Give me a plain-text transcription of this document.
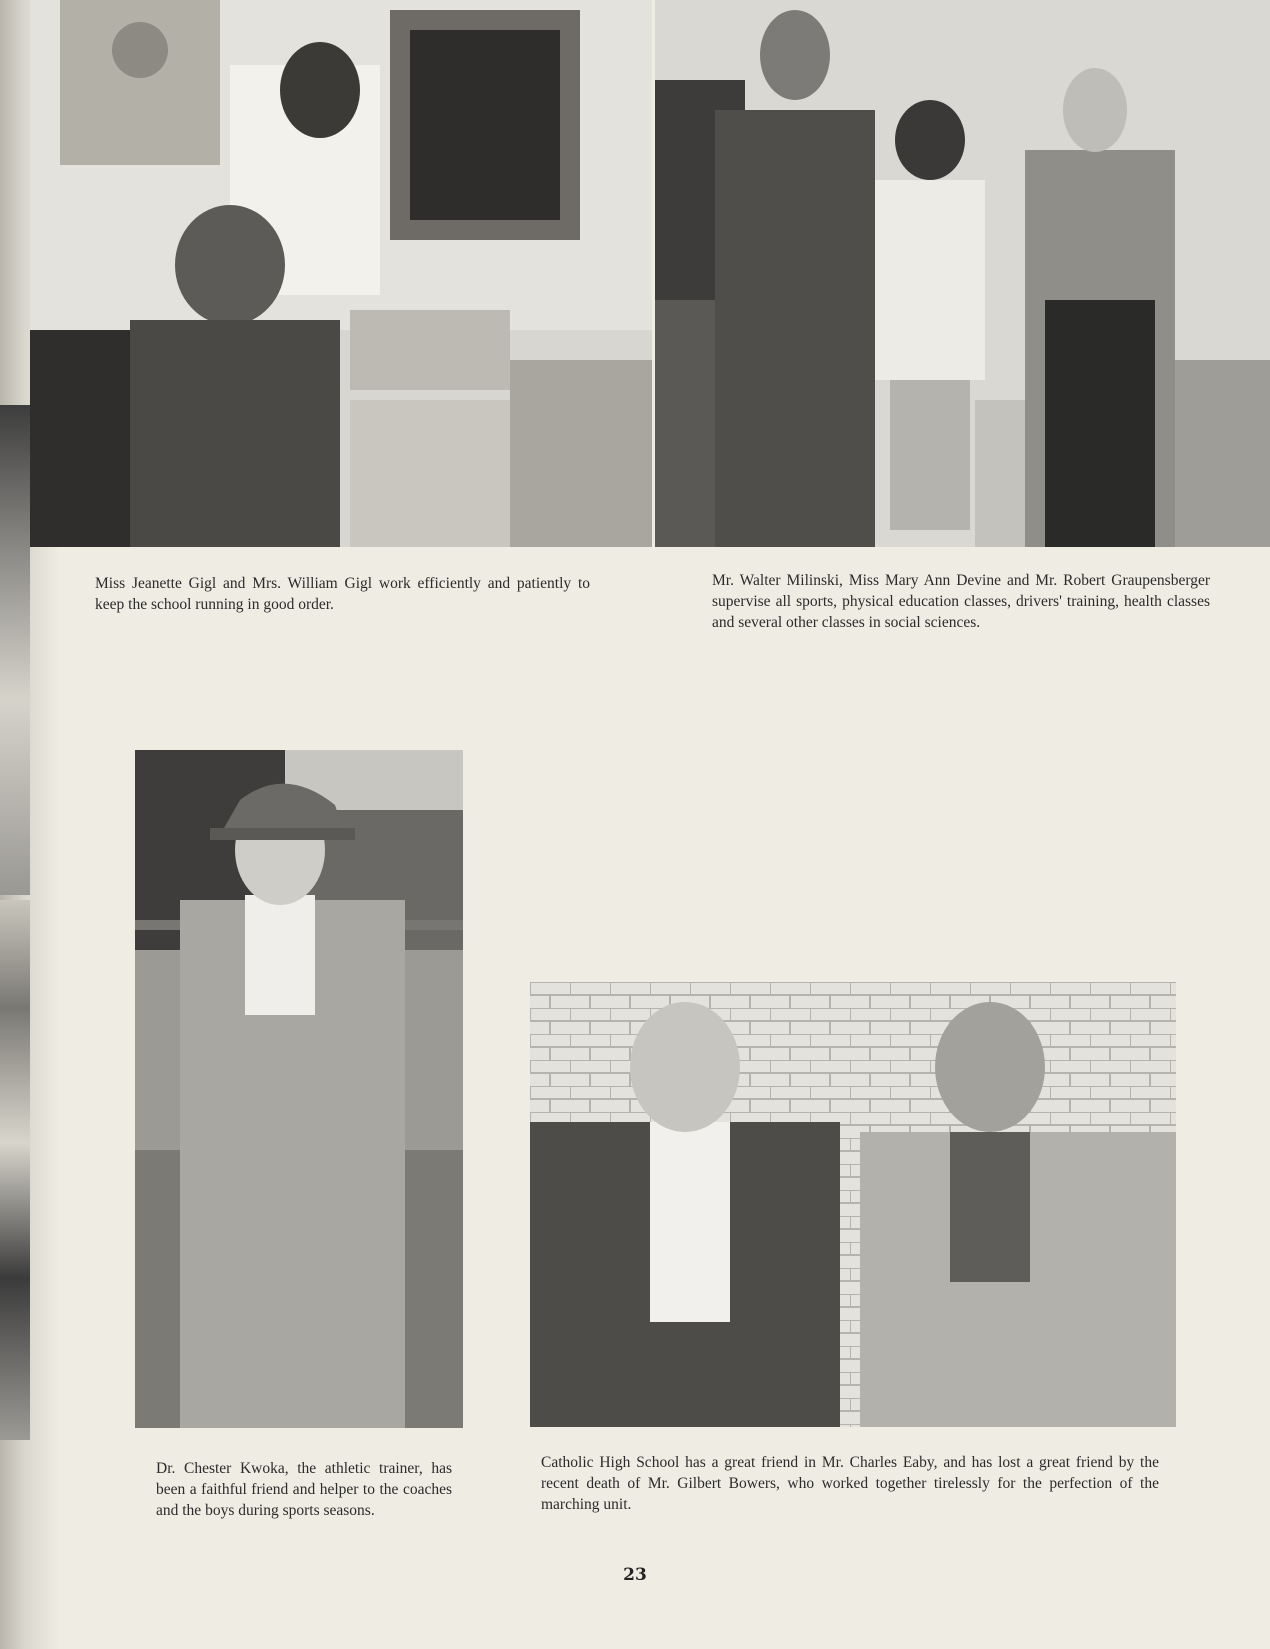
Miss Jeanette Gigl and Mrs. William Gigl work efficiently and patiently to keep the school running in good order.

Mr. Walter Milinski, Miss Mary Ann Devine and Mr. Robert Graupensberger supervise all sports, physical education classes, drivers' training, health classes and several other classes in social sciences.

Dr. Chester Kwoka, the athletic trainer, has been a faithful friend and helper to the coaches and the boys during sports seasons.

Catholic High School has a great friend in Mr. Charles Eaby, and has lost a great friend by the recent death of Mr. Gilbert Bowers, who worked together tirelessly for the perfection of the marching unit.

23
